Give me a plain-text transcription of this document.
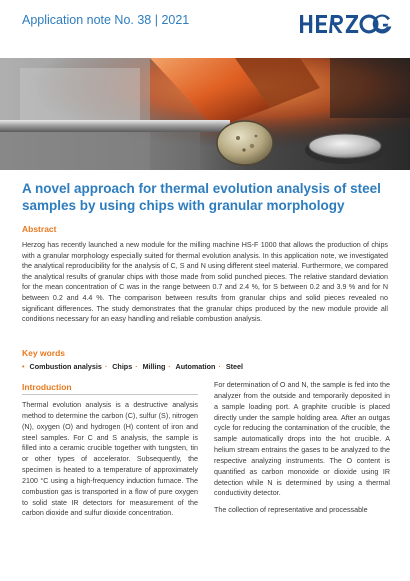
Application note No. 38 | 2021
A novel approach for thermal evolution analysis of steel samples by using chips with granular morphology
Abstract
Herzog has recently launched a new module for the milling machine HS-F 1000 that allows the production of chips with a granular morphology especially suited for thermal evolution analysis. In this application note, we investigated the analytical reproducibility for the analysis of C, S and N using different steel material. Furthermore, we compared the analytical results of granular chips with those made from solid punched pieces. The relative standard deviation for the mean concentration of C was in the range between 0.7 and 2.4 %, for S between 0.2 and 3.9 % and for N between 0.2 and 4.4 %. The comparison between results from granular chips and solid pieces revealed no significant differences. The study demonstrates that the granular chips produced by the new module provide all conditions necessary for an easy handling and reliable combustion analysis.
Key words
• Combustion analysis · Chips · Milling · Automation · Steel
Introduction
Thermal evolution analysis is a destructive analysis method to determine the carbon (C), sulfur (S), nitrogen (N), oxygen (O) and hydrogen (H) content of iron and steel samples. For C and S analysis, the sample is filled into a ceramic crucible together with tungsten, tin or other types of accelerator. Subsequently, the specimen is heated to a temperature of approximately 2100 °C using a high-frequency induction furnace. The combustion gas is transported in a flow of pure oxygen to solid state IR detectors for measurement of the carbon dioxide and sulfur dioxide concentration.

For determination of O and N, the sample is fed into the analyzer from the outside and temporarily deposited in a sample loading port. A graphite crucible is placed directly under the sample holding area. After an outgas cycle for reducing the contamination of the crucible, the sample automatically drops into the hot crucible. A helium stream entrains the gases to be analyzed to the respective analyzing instruments. The O content is quantified as carbon monoxide or dioxide using IR detection while N is determined by using a thermal conductivity detector.

The collection of representative and processable
